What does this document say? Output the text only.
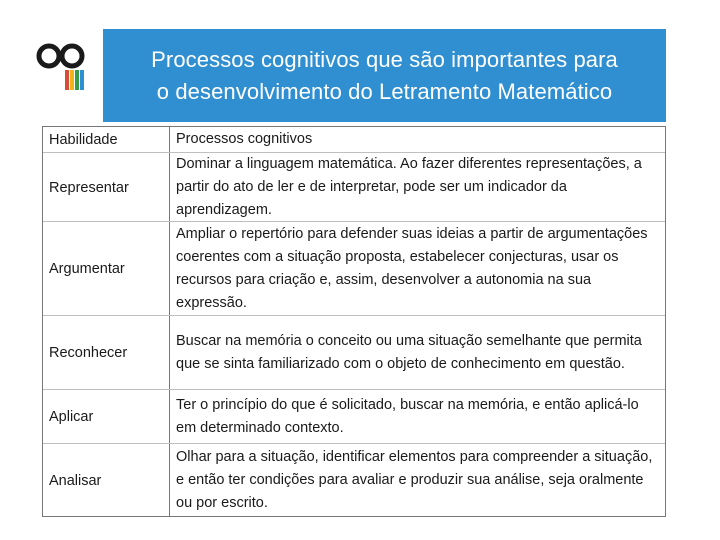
Processos cognitivos que são importantes para
o desenvolvimento do Letramento Matemático
Habilidade	Processos cognitivos
Representar
Dominar a linguagem matemática. Ao fazer diferentes representações, a partir do ato de ler e de interpretar, pode ser um indicador da aprendizagem.
Argumentar
Ampliar o repertório para defender suas ideias a partir de argumentações coerentes com a situação proposta, estabelecer conjecturas, usar os recursos para criação e, assim, desenvolver a autonomia na sua expressão.
Reconhecer
Buscar na memória o conceito ou uma situação semelhante que permita que se sinta familiarizado com o objeto de conhecimento em questão.
Aplicar
Ter o princípio do que é solicitado, buscar na memória, e então aplicá-lo em determinado contexto.
Analisar
Olhar para a situação, identificar elementos para compreender a situação, e então ter condições para avaliar e produzir sua análise, seja oralmente ou por escrito.
